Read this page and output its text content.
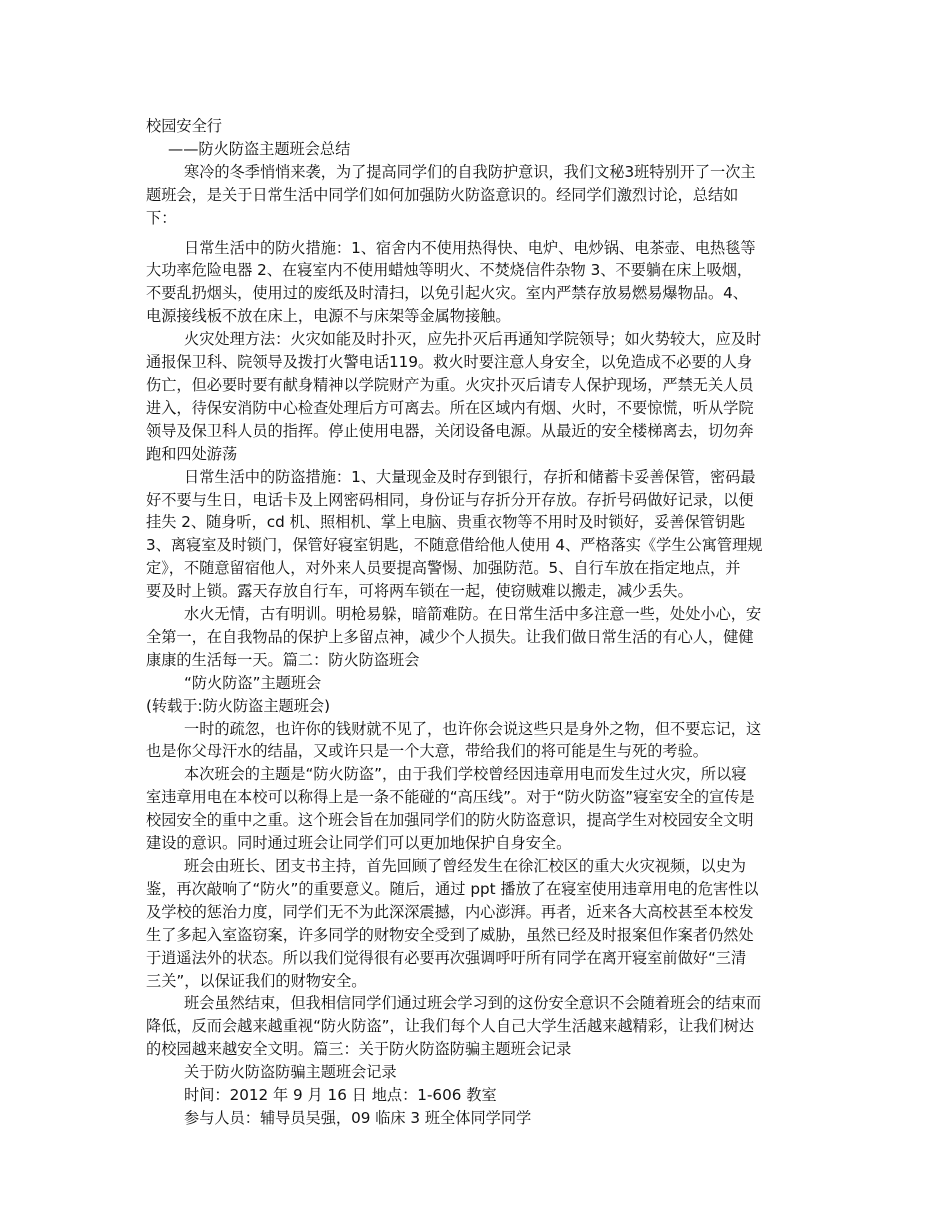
校园安全行
——防火防盗主题班会总结
寒冷的冬季悄悄来袭，为了提高同学们的自我防护意识，我们文秘3班特别开了一次主
题班会，是关于日常生活中同学们如何加强防火防盗意识的。经同学们激烈讨论，总结如
下：
日常生活中的防火措施：1、宿舍内不使用热得快、电炉、电炒锅、电茶壶、电热毯等
大功率危险电器 2、在寝室内不使用蜡烛等明火、不焚烧信件杂物 3、不要躺在床上吸烟，
不要乱扔烟头，使用过的废纸及时清扫，以免引起火灾。室内严禁存放易燃易爆物品。4、
电源接线板不放在床上，电源不与床架等金属物接触。
火灾处理方法：火灾如能及时扑灭，应先扑灭后再通知学院领导；如火势较大，应及时
通报保卫科、院领导及拨打火警电话119。救火时要注意人身安全，以免造成不必要的人身
伤亡，但必要时要有献身精神以学院财产为重。火灾扑灭后请专人保护现场，严禁无关人员
进入，待保安消防中心检查处理后方可离去。所在区域内有烟、火时，不要惊慌，听从学院
领导及保卫科人员的指挥。停止使用电器，关闭设备电源。从最近的安全楼梯离去，切勿奔
跑和四处游荡
日常生活中的防盗措施：1、大量现金及时存到银行，存折和储蓄卡妥善保管，密码最
好不要与生日，电话卡及上网密码相同，身份证与存折分开存放。存折号码做好记录，以便
挂失 2、随身听，cd 机、照相机、掌上电脑、贵重衣物等不用时及时锁好，妥善保管钥匙
3、离寝室及时锁门，保管好寝室钥匙，不随意借给他人使用 4、严格落实《学生公寓管理规
定》，不随意留宿他人，对外来人员要提高警惕、加强防范。5、自行车放在指定地点，并
要及时上锁。露天存放自行车，可将两车锁在一起，使窃贼难以搬走，减少丢失。
水火无情，古有明训。明枪易躲，暗箭难防。在日常生活中多注意一些，处处小心，安
全第一，在自我物品的保护上多留点神，减少个人损失。让我们做日常生活的有心人，健健
康康的生活每一天。篇二：防火防盗班会
“防火防盗”主题班会
(转载于:防火防盗主题班会)
一时的疏忽，也许你的钱财就不见了，也许你会说这些只是身外之物，但不要忘记，这
也是你父母汗水的结晶，又或许只是一个大意，带给我们的将可能是生与死的考验。
本次班会的主题是“防火防盗”，由于我们学校曾经因违章用电而发生过火灾，所以寝
室违章用电在本校可以称得上是一条不能碰的“高压线”。对于“防火防盗”寝室安全的宣传是
校园安全的重中之重。这个班会旨在加强同学们的防火防盗意识，提高学生对校园安全文明
建设的意识。同时通过班会让同学们可以更加地保护自身安全。
班会由班长、团支书主持，首先回顾了曾经发生在徐汇校区的重大火灾视频，以史为
鉴，再次敲响了“防火”的重要意义。随后，通过 ppt 播放了在寝室使用违章用电的危害性以
及学校的惩治力度，同学们无不为此深深震撼，内心澎湃。再者，近来各大高校甚至本校发
生了多起入室盗窃案，许多同学的财物安全受到了威胁，虽然已经及时报案但作案者仍然处
于逍遥法外的状态。所以我们觉得很有必要再次强调呼吁所有同学在离开寝室前做好“三清
三关”，以保证我们的财物安全。
班会虽然结束，但我相信同学们通过班会学习到的这份安全意识不会随着班会的结束而
降低，反而会越来越重视“防火防盗”，让我们每个人自己大学生活越来越精彩，让我们树达
的校园越来越安全文明。篇三：关于防火防盗防骗主题班会记录
关于防火防盗防骗主题班会记录
时间：2012 年 9 月 16 日 地点：1-606 教室
参与人员：辅导员吴强，09 临床 3 班全体同学同学
